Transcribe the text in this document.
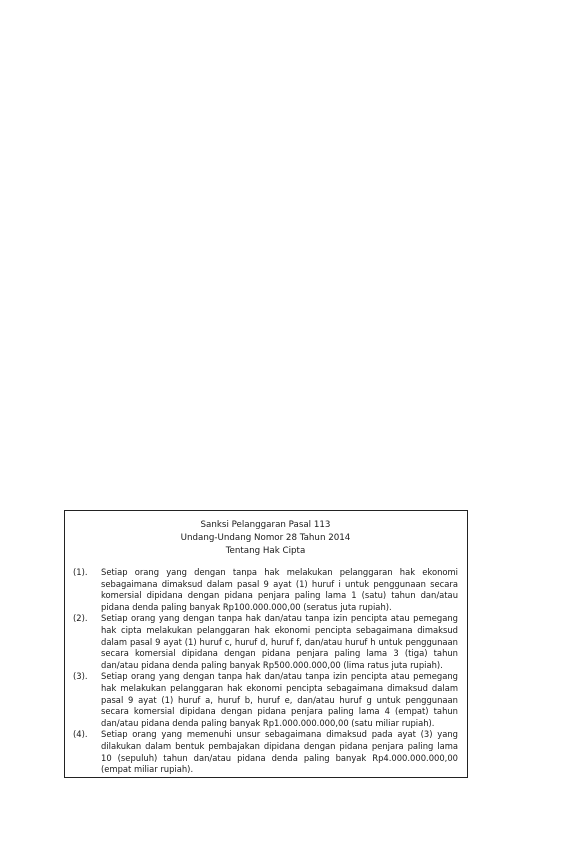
Sanksi Pelanggaran Pasal 113
Undang-Undang Nomor 28 Tahun 2014
Tentang Hak Cipta
(1).	Setiap orang yang dengan tanpa hak melakukan pelanggaran hak ekonomi sebagaimana dimaksud dalam pasal 9 ayat (1) huruf i untuk penggunaan secara komersial dipidana dengan pidana penjara paling lama 1 (satu) tahun dan/atau pidana denda paling banyak Rp100.000.000,00 (seratus juta rupiah).
(2).	Setiap orang yang dengan tanpa hak dan/atau tanpa izin pencipta atau pemegang hak cipta melakukan pelanggaran hak ekonomi pencipta sebagaimana dimaksud dalam pasal 9 ayat (1) huruf c, huruf d, huruf f, dan/atau huruf h untuk penggunaan secara komersial dipidana dengan pidana penjara paling lama 3 (tiga) tahun dan/atau pidana denda paling banyak Rp500.000.000,00 (lima ratus juta rupiah).
(3).	Setiap orang yang dengan tanpa hak dan/atau tanpa izin pencipta atau pemegang hak melakukan pelanggaran hak ekonomi pencipta sebagaimana dimaksud dalam pasal 9 ayat (1) huruf a, huruf b, huruf e, dan/atau huruf g untuk penggunaan secara komersial dipidana dengan pidana penjara paling lama 4 (empat) tahun dan/atau pidana denda paling banyak Rp1.000.000.000,00 (satu miliar rupiah).
(4).	Setiap orang yang memenuhi unsur sebagaimana dimaksud pada ayat (3) yang dilakukan dalam bentuk pembajakan dipidana dengan pidana penjara paling lama 10 (sepuluh) tahun dan/atau pidana denda paling banyak Rp4.000.000.000,00 (empat miliar rupiah).
